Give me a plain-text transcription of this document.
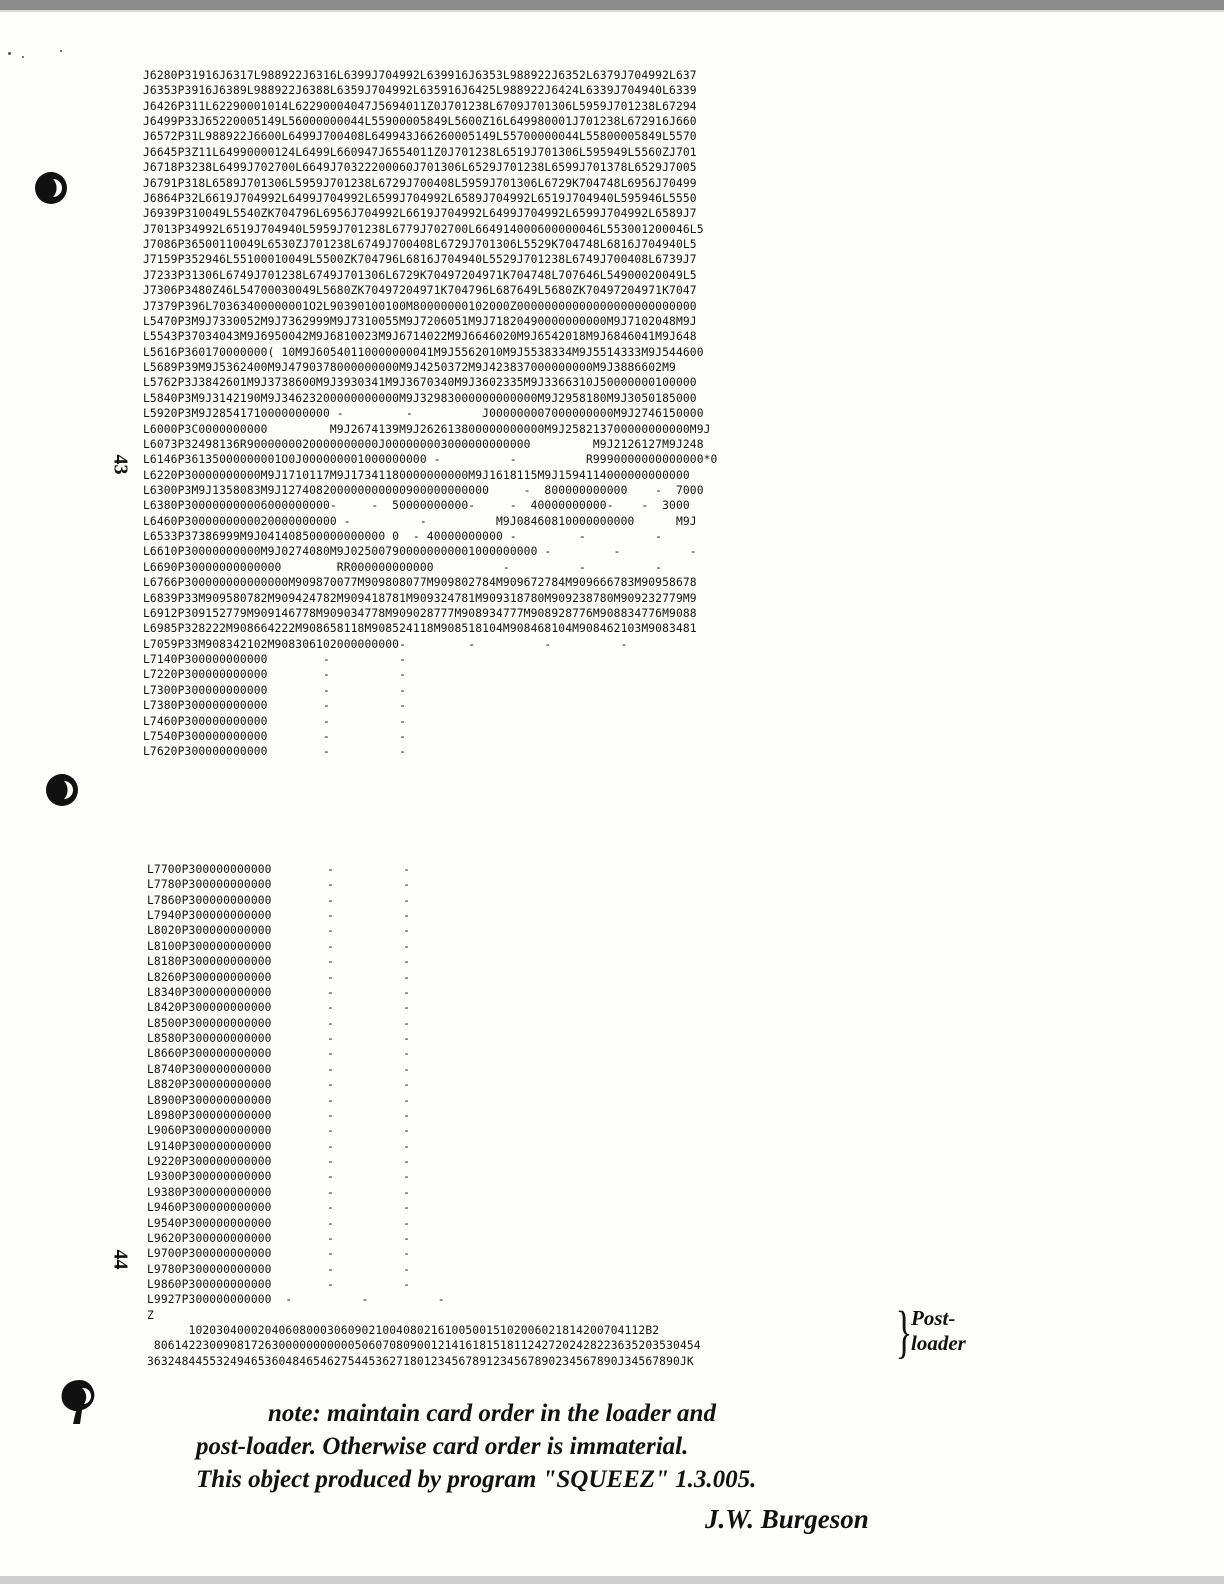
43
44
J6280P31916J6317L988922J6316L6399J704992L639916J6353L988922J6352L6379J704992L637
J6353P3916J6389L988922J6388L6359J704992L635916J6425L988922J6424L6339J704940L6339
J6426P311L62290001014L62290004047J5694011Z0J701238L6709J701306L5959J701238L67294
J6499P33J65220005149L56000000044L55900005849L5600Z16L649980001J701238L672916J660
J6572P31L988922J6600L6499J700408L649943J66260005149L55700000044L55800005849L5570
J6645P3Z11L64990000124L6499L660947J6554011Z0J701238L6519J701306L595949L5560ZJ701
J6718P3238L6499J702700L6649J70322200060J701306L6529J701238L6599J701378L6529J7005
J6791P318L6589J701306L5959J701238L6729J700408L5959J701306L6729K704748L6956J70499
J6864P32L6619J704992L6499J704992L6599J704992L6589J704992L6519J704940L595946L5550
J6939P310049L5540ZK704796L6956J704992L6619J704992L6499J704992L6599J704992L6589J7
J7013P34992L6519J704940L5959J701238L6779J702700L664914000600000046L553001200046L5
J7086P36500110049L6530ZJ701238L6749J700408L6729J701306L5529K704748L6816J704940L5
J7159P352946L55100010049L5500ZK704796L6816J704940L5529J701238L6749J700408L6739J7
J7233P31306L6749J701238L6749J701306L6729K70497204971K704748L707646L54900020049L5
J7306P3480Z46L54700030049L5680ZK70497204971K704796L687649L5680ZK70497204971K7047
J7379P396L70363400000001O2L90390100100M80000000102000Z00000000000000000000000000
L5470P3M9J7330052M9J7362999M9J7310055M9J7206051M9J71820490000000000M9J7102048M9J
L5543P37034043M9J6950042M9J6810023M9J6714022M9J6646020M9J6542018M9J6846041M9J648
L5616P360170000000( 10M9J60540110000000041M9J5562010M9J5538334M9J5514333M9J544600
L5689P39M9J5362400M9J4790378000000000M9J4250372M9J423837000000000M9J3886602M9
L5762P3J3842601M9J3738600M9J3930341M9J3670340M9J3602335M9J3366310J50000000100000
L5840P3M9J3142190M9J34623200000000000M9J32983000000000000M9J2958180M9J3050185000
L5920P3M9J28541710000000000 -         -          J000000007000000000M9J2746150000
L6000P3C0000000000         M9J2674139M9J262613800000000000M9J258213700000000000M9J
L6073P32498136R9000000020000000000J000000003000000000000         M9J2126127M9J248
L6146P36135000000001O0J000000001000000000 -          -          R9990000000000000*0
L6220P30000000000M9J1710117M9J17341180000000000M9J1618115M9J1594114000000000000
L6300P3M9J1358083M9J127408200000000000900000000000     -  800000000000    -  7000
L6380P300000000006000000000-     -  50000000000-     -  40000000000-    -  3000
L6460P3000000000020000000000 -          -          M9J08460810000000000      M9J
L6533P37386999M9J041408500000000000 0  - 40000000000 -         -          -
L6610P30000000000M9J0274080M9J025007900000000001000000000 -         -          -
L6690P30000000000000        RR000000000000          -          -          -
L6766P300000000000000M909870077M909808077M909802784M909672784M909666783M90958678
L6839P33M909580782M909424782M909418781M909324781M909318780M909238780M909232779M9
L6912P309152779M909146778M909034778M909028777M908934777M908928776M908834776M9088
L6985P328222M908664222M908658118M908524118M908518104M908468104M908462103M9083481
L7059P33M908342102M908306102000000000-         -          -          -
L7140P300000000000        -          -
L7220P300000000000        -          -
L7300P300000000000        -          -
L7380P300000000000        -          -
L7460P300000000000        -          -
L7540P300000000000        -          -
L7620P300000000000        -          -
L7700P300000000000        -          -
L7780P300000000000        -          -
L7860P300000000000        -          -
L7940P300000000000        -          -
L8020P300000000000        -          -
L8100P300000000000        -          -
L8180P300000000000        -          -
L8260P300000000000        -          -
L8340P300000000000        -          -
L8420P300000000000        -          -
L8500P300000000000        -          -
L8580P300000000000        -          -
L8660P300000000000        -          -
L8740P300000000000        -          -
L8820P300000000000        -          -
L8900P300000000000        -          -
L8980P300000000000        -          -
L9060P300000000000        -          -
L9140P300000000000        -          -
L9220P300000000000        -          -
L9300P300000000000        -          -
L9380P300000000000        -          -
L9460P300000000000        -          -
L9540P300000000000        -          -
L9620P300000000000        -          -
L9700P300000000000        -          -
L9780P300000000000        -          -
L9860P300000000000        -          -
L9927P300000000000  -          -          -
Z
102030400020406080003060902100408021610050015102006021814200704112B2
8061422300908172630000000000050607080900121416181518112427202428223635203530454
36324844553249465360484654627544536271801234567891234567890234567890J34567890JK	}
Post-
loader
note: maintain card order in the loader and
post-loader. Otherwise card order is immaterial.
This object produced by program "SQUEEZ" 1.3.005.
J.W. Burgeson
